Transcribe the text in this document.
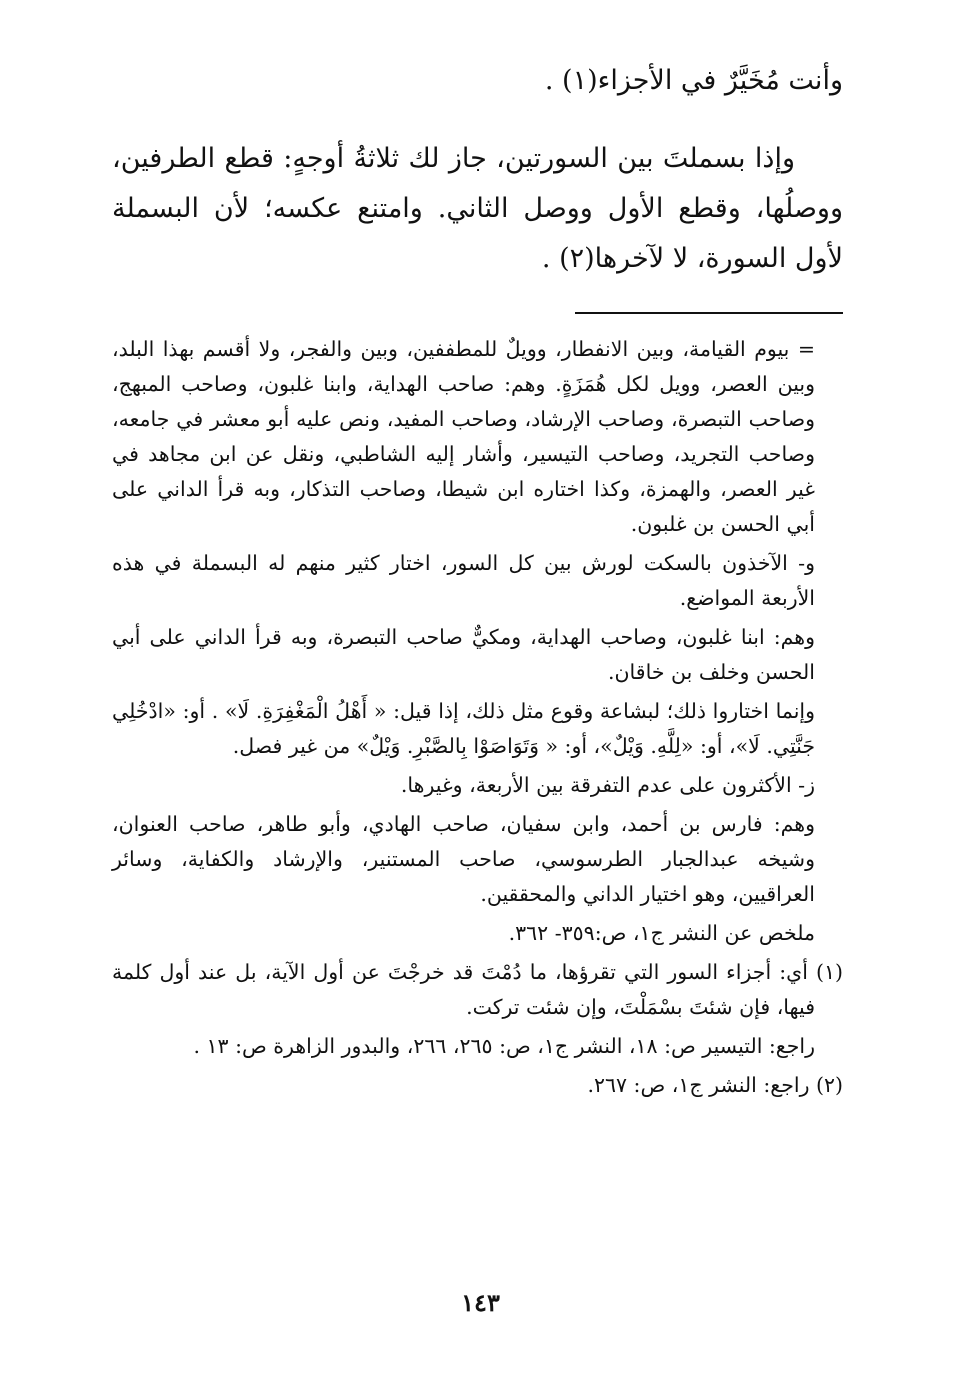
وأنت مُخَيَّرٌ في الأجزاء(١) .

وإذا بسملتَ بين السورتين، جاز لك ثلاثةُ أوجهٍ: قطع الطرفين، ووصلُها، وقطع الأول ووصل الثاني. وامتنع عكسه؛ لأن البسملة لأول السورة، لا لآخرها(٢) .

= بيوم القيامة، وبين الانفطار، وويلٌ للمطففين، وبين والفجر، ولا أقسم بهذا البلد، وبين العصر، وويل لكل هُمَزَةٍ. وهم: صاحب الهداية، وابنا غلبون، وصاحب المبهج، وصاحب التبصرة، وصاحب الإرشاد، وصاحب المفيد، ونص عليه أبو معشر في جامعه، وصاحب التجريد، وصاحب التيسير، وأشار إليه الشاطبي، ونقل عن ابن مجاهد في غير العصر، والهمزة، وكذا اختاره ابن شيطا، وصاحب التذكار، وبه قرأ الداني على أبي الحسن بن غلبون.

و- الآخذون بالسكت لورش بين كل السور، اختار كثير منهم له البسملة في هذه الأربعة المواضع.

وهم: ابنا غلبون، وصاحب الهداية، ومكيٌّ صاحب التبصرة، وبه قرأ الداني على أبي الحسن وخلف بن خاقان.

وإنما اختاروا ذلك؛ لبشاعة وقوع مثل ذلك، إذا قيل: « أَهْلُ الْمَغْفِرَةِ. لَا» . أو: «ادْخُلِي جَنَّتِي. لَا»، أو: «لِلَّهِ. وَيْلٌ»، أو: « وَتَوَاصَوْا بِالصَّبْرِ. وَيْلٌ» من غير فصل.

ز- الأكثرون على عدم التفرقة بين الأربعة، وغيرها.

وهم: فارس بن أحمد، وابن سفيان، صاحب الهادي، وأبو طاهر، صاحب العنوان، وشيخه عبدالجبار الطرسوسي، صاحب المستنير، والإرشاد والكفاية، وسائر العراقيين، وهو اختيار الداني والمحققين.

ملخص عن النشر ج١، ص:٣٥٩- ٣٦٢.

(١) أي: أجزاء السور التي تقرؤها، ما دُمْتَ قد خرجْتَ عن أول الآية، بل عند أول كلمة فيها، فإن شئتَ بسْمَلْتَ، وإن شئت تركت.

راجع: التيسير ص: ١٨، النشر ج١، ص: ٢٦٥، ٢٦٦، والبدور الزاهرة ص: ١٣ .

(٢) راجع: النشر ج١، ص: ٢٦٧.

١٤٣
